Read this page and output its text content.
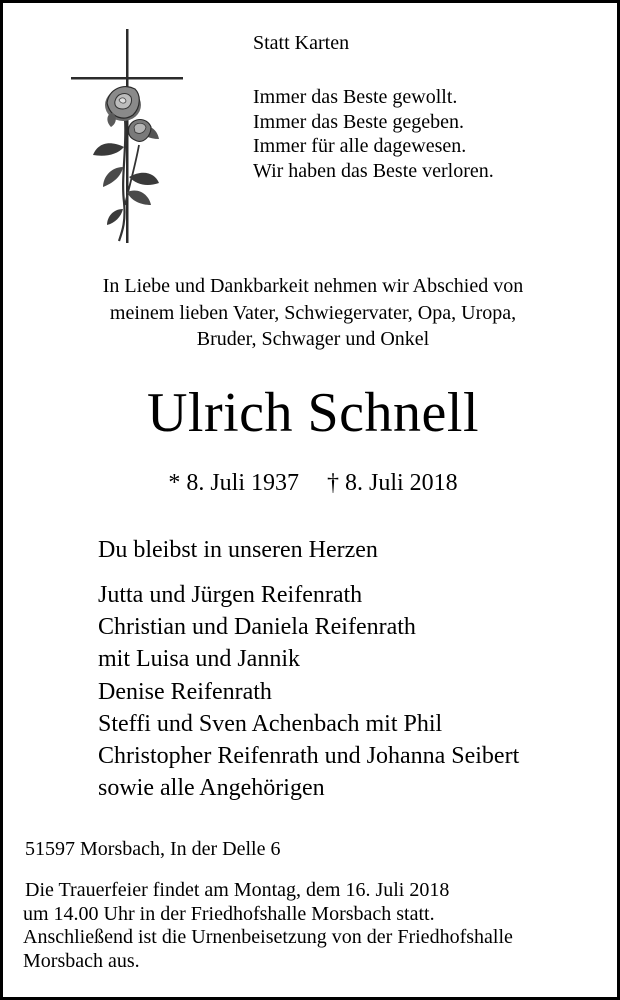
Statt Karten

Immer das Beste gewollt.
Immer das Beste gegeben.
Immer für alle dagewesen.
Wir haben das Beste verloren.
In Liebe und Dankbarkeit nehmen wir Abschied von
meinem lieben Vater, Schwiegervater, Opa, Uropa,
Bruder, Schwager und Onkel
Ulrich Schnell
* 8. Juli 1937 † 8. Juli 2018
Du bleibst in unseren Herzen
Jutta und Jürgen Reifenrath
Christian und Daniela Reifenrath
mit Luisa und Jannik
Denise Reifenrath
Steffi und Sven Achenbach mit Phil
Christopher Reifenrath und Johanna Seibert
sowie alle Angehörigen
51597 Morsbach, In der Delle 6
Die Trauerfeier findet am Montag, dem 16. Juli 2018
um 14.00 Uhr in der Friedhofshalle Morsbach statt.
Anschließend ist die Urnenbeisetzung von der Friedhofshalle
Morsbach aus.
